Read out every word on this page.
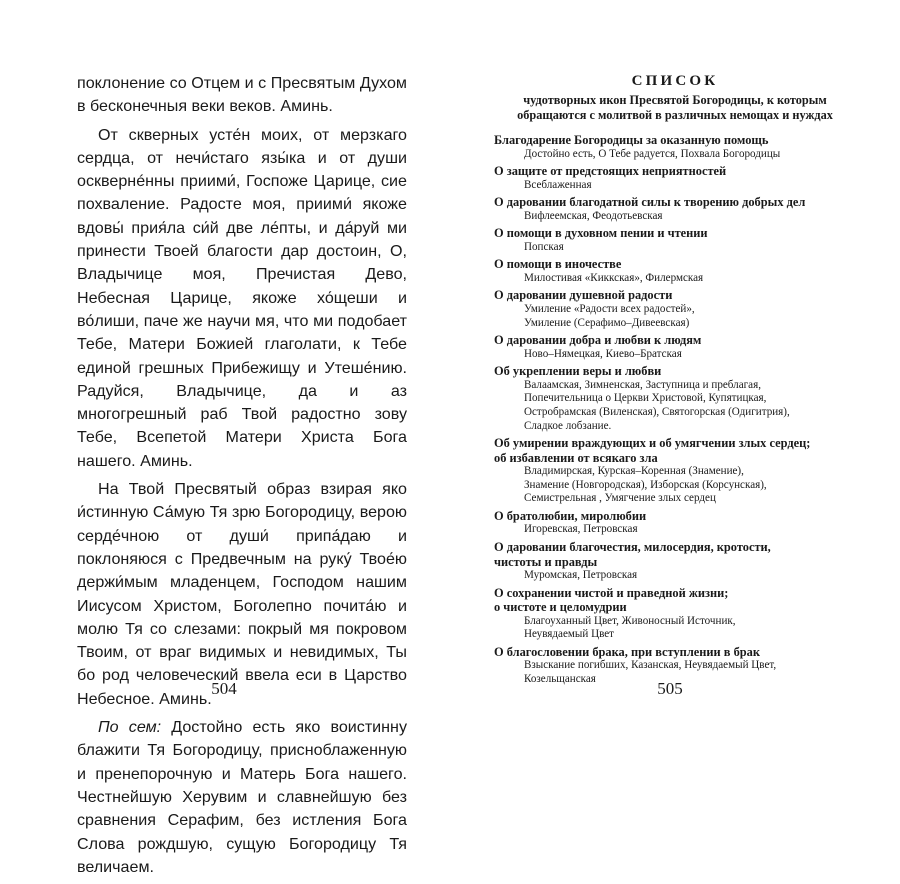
поклонение со Отцем и с Пресвятым Духом в бесконечныя веки веков. Аминь.

От скверных усте́н моих, от мерзкаго сердца, от нечи́стаго язы́ка и от души осквернéнны приими́, Госпоже Царице, сие похваление. Радосте моя, приими́ якоже вдовы́ прия́ла си́й две ле́пты, и да́руй ми принести Твоей благости дар достоин, О, Владычице моя, Пречистая Дево, Небесная Царице, якоже хо́щеши и во́лиши, паче же научи мя, что ми подобает Тебе, Матери Божией глаголати, к Тебе единой грешных Прибежищу и Утеше́нию. Радуйся, Владычице, да и аз многогрешный раб Твой радостно зову Тебе, Всепетой Матери Христа Бога нашего. Аминь.

На Твой Пресвятый образ взирая яко и́стинную Са́мую Тя зрю Богородицу, верою серде́чною от души́ припа́даю и поклоняюся с Предвечным на руку́ Твое́ю держи́мым младенцем, Господом нашим Иисусом Христом, Боголепно почита́ю и молю Тя со слезами: покрый мя покровом Твоим, от враг видимых и невидимых, Ты бо род человеческий ввела еси в Царство Небесное. Аминь.

По сем: Достойно есть яко воистинну блажити Тя Богородицу, присноблаженную и пренепорочную и Матерь Бога нашего. Честнейшую Херувим и славнейшую без сравнения Серафим, без истления Бога Слова рождшую, сущую Богородицу Тя величаем.

504
СПИСОК
чудотворных икон Пресвятой Богородицы, к которым
обращаются с молитвой в различных немощах и нуждах
Благодарение Богородицы за оказанную помощь
Достойно есть, О Тебе радуется, Похвала Богородицы
О защите от предстоящих неприятностей
Всеблаженная
О даровании благодатной силы к творению добрых дел
Вифлеемская, Феодотьевская
О помощи в духовном пении и чтении
Попская
О помощи в иночестве
Милостивая «Киккская», Филермская
О даровании душевной радости
Умиление «Радости всех радостей»,
Умиление (Серафимо–Дивеевская)
О даровании добра и любви к людям
Ново–Нямецкая, Киево–Братская
Об укреплении веры и любви
Валаамская, Зимненская, Заступница и преблагая,
Попечительница о Церкви Христовой, Купятицкая,
Остробрамская (Виленская), Святогорская (Одигитрия),
Сладкое лобзание.
Об умирении враждующих и об умягчении злых сердец;
об избавлении от всякаго зла
Владимирская, Курская–Коренная (Знамение),
Знамение (Новгородская), Изборская (Корсунская),
Семистрельная , Умягчение злых сердец
О братолюбии, миролюбии
Игоревская, Петровская
О даровании благочестия, милосердия, кротости,
чистоты и правды
Муромская, Петровская
О сохранении чистой и праведной жизни;
о чистоте и целомудрии
Благоуханный Цвет, Живоносный Источник,
Неувядаемый Цвет
О благословении брака, при вступлении в брак
Взыскание погибших, Казанская, Неувядаемый Цвет,
Козельщанская
505
